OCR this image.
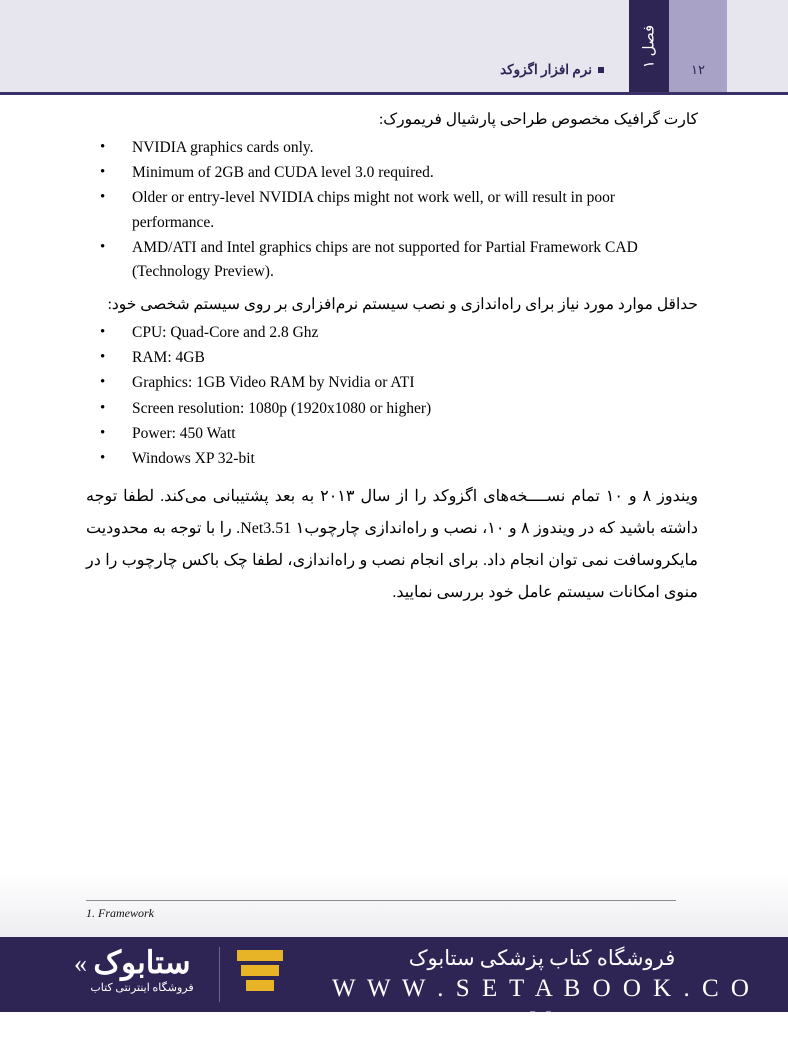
نرم افزار اگزوکد	فصل ۱
۱۲
کارت گرافیک مخصوص طراحی پارشیال فریمورک:
• NVIDIA graphics cards only.
• Minimum of 2GB and CUDA level 3.0 required.
• Older or entry-level NVIDIA chips might not work well, or will result in poor performance.
• AMD/ATI and Intel graphics chips are not supported for Partial Framework CAD (Technology Preview).
حداقل موارد مورد نیاز برای راه‌اندازی و نصب سیستم نرم‌افزاری بر روی سیستم شخصی خود:
• CPU: Quad-Core and 2.8 Ghz
• RAM: 4GB
• Graphics: 1GB Video RAM by Nvidia or ATI
• Screen resolution: 1080p (1920x1080 or higher)
• Power: 450 Watt
• Windows XP 32-bit
ویندوز ۸ و ۱۰ تمام نســــخه‌های اگزوکد را از سال ۲۰۱۳ به بعد پشتیبانی می‌کند. لطفا توجه داشته باشید که در ویندوز ۸ و ۱۰، نصب و راه‌اندازی چارچوب۱ Net3.51. را با توجه به محدودیت مایکروسافت نمی توان انجام داد. برای انجام نصب و راه‌اندازی، لطفا چک باکس چارچوب را در منوی امکانات سیستم عامل خود بررسی نمایید.
1. Framework
« ستابوک
فروشگاه اینترنتی کتاب
فروشگاه کتاب پزشکی ستابوک
W W W . S E T A B O O K . C O M
